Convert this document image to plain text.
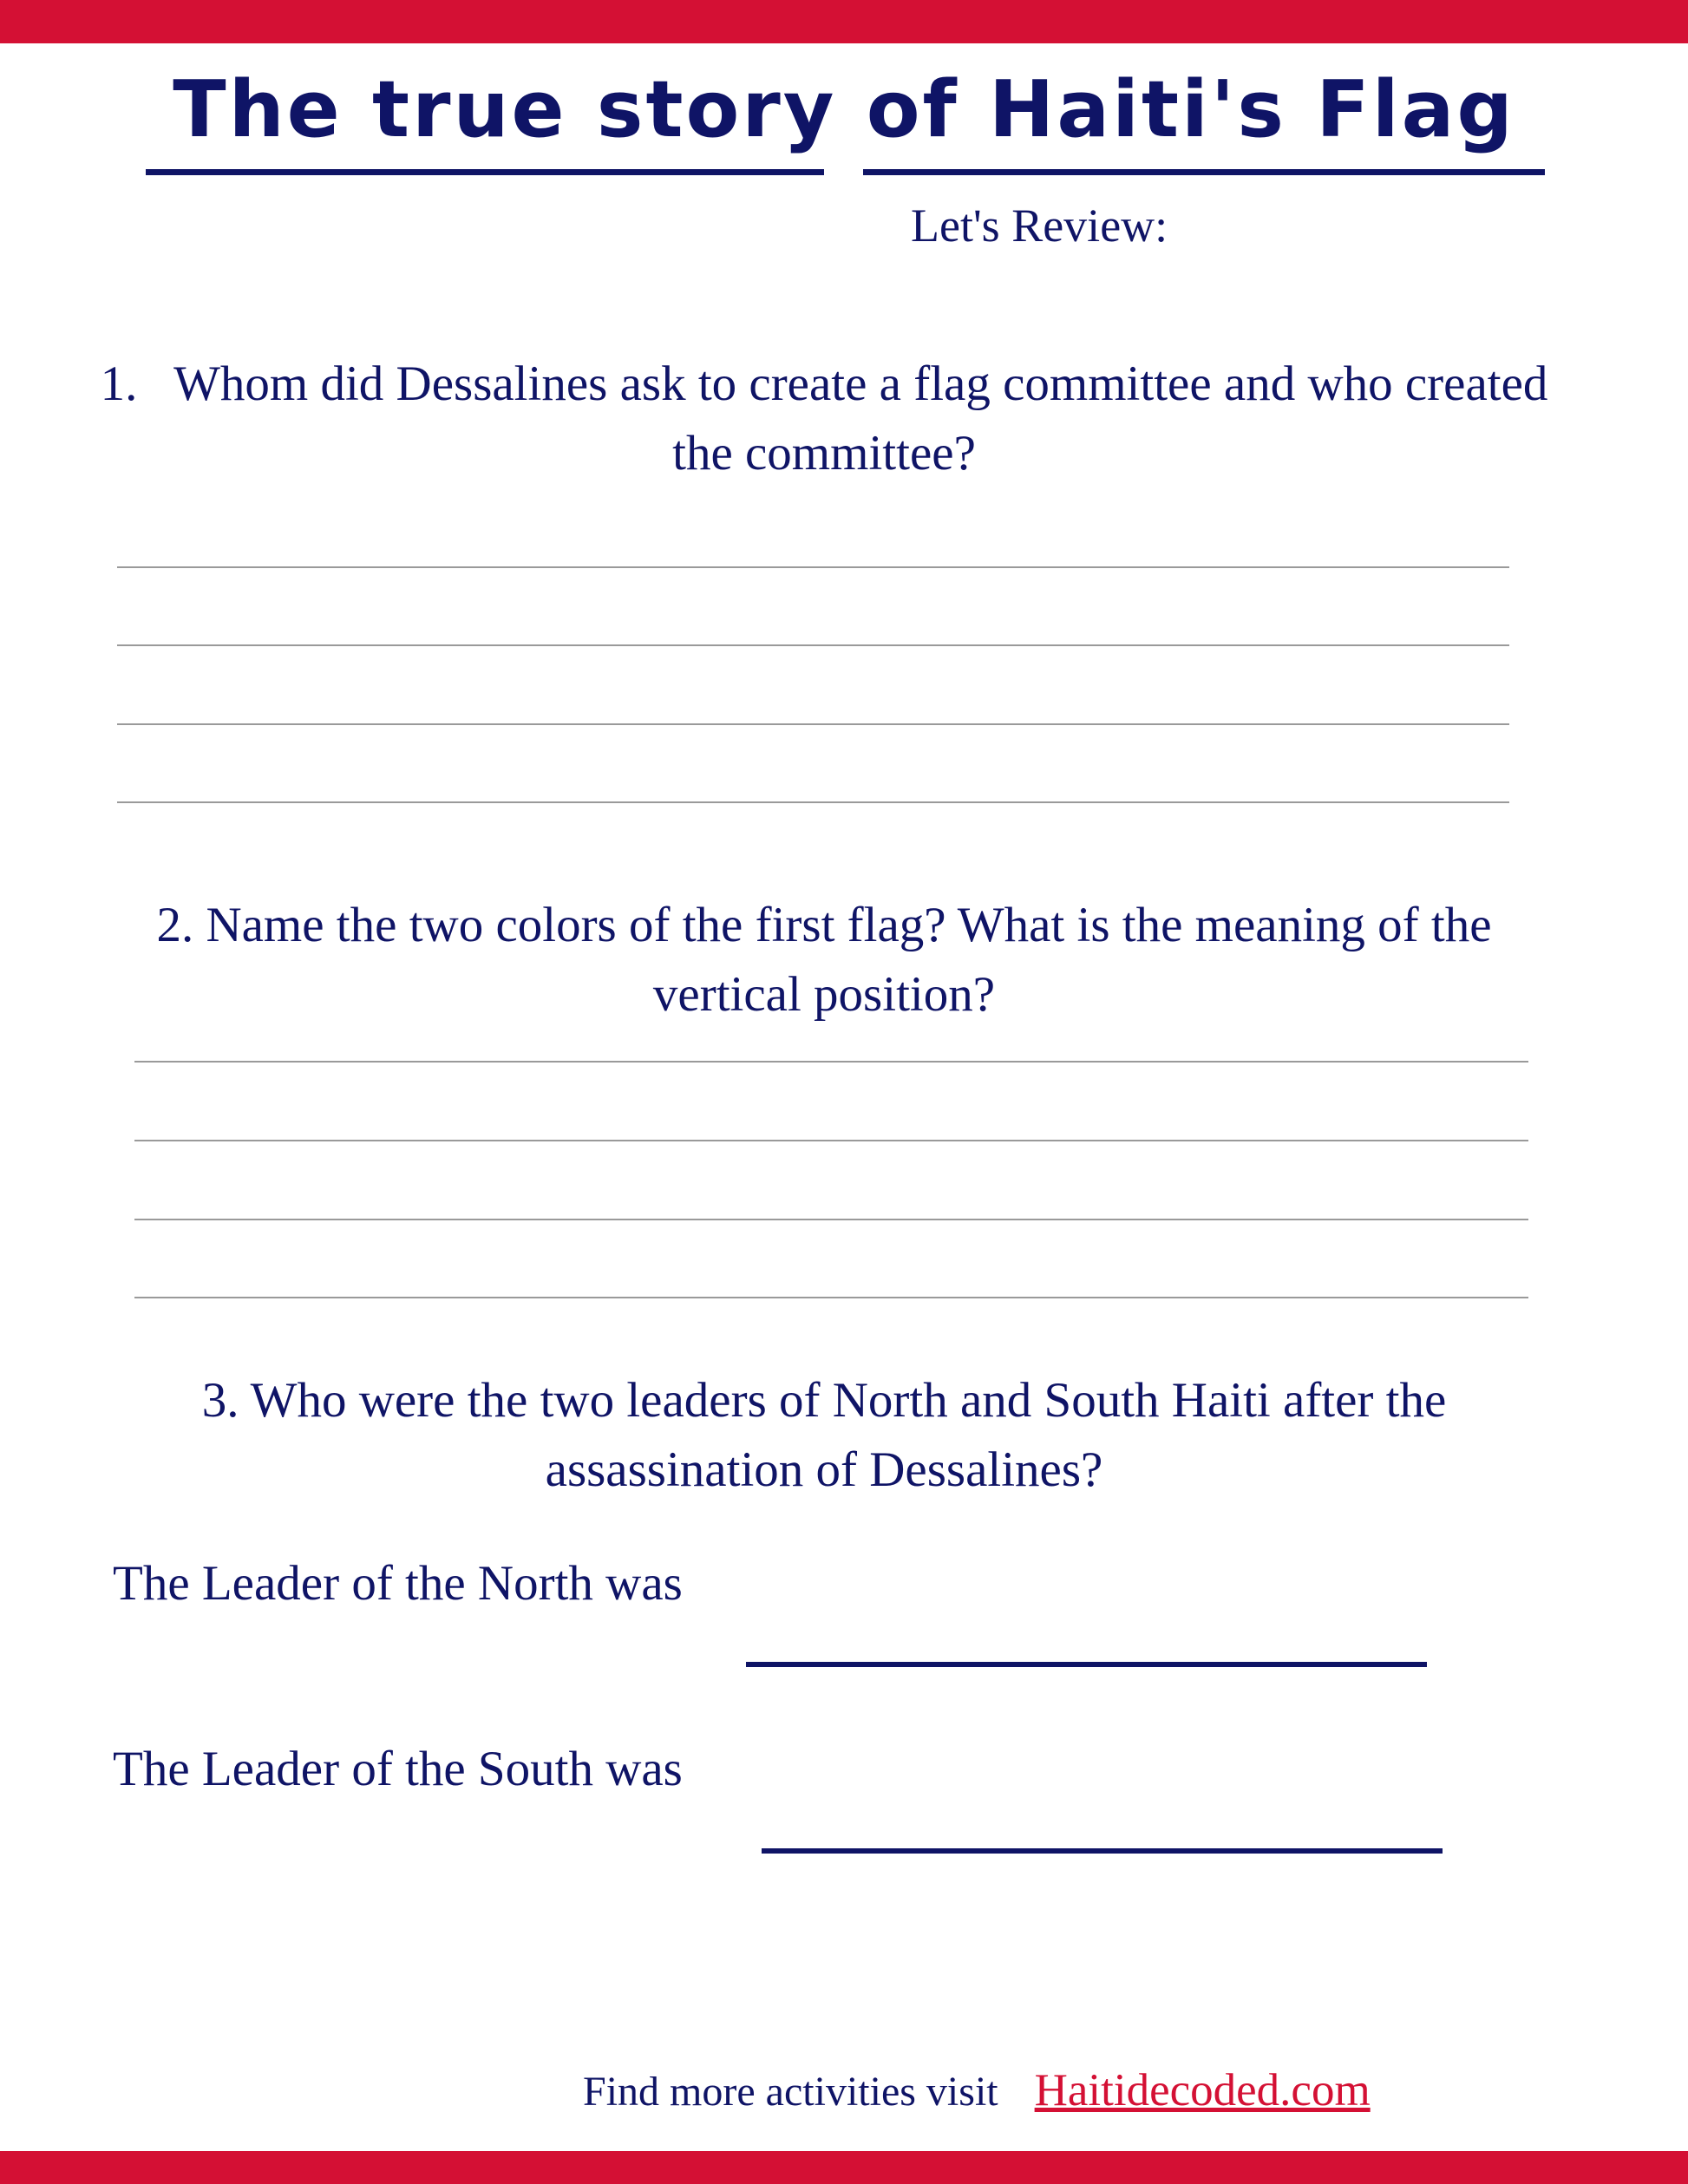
The true story of Haiti's Flag
Let's Review:
1. Whom did Dessalines ask to create a flag committee and who created the committee?
2. Name the two colors of the first flag? What is the meaning of the vertical position?
3. Who were the two leaders of North and South Haiti after the assassination of Dessalines?
The Leader of the North was
The Leader of the South was
Find more activities visit Haitidecoded.com
